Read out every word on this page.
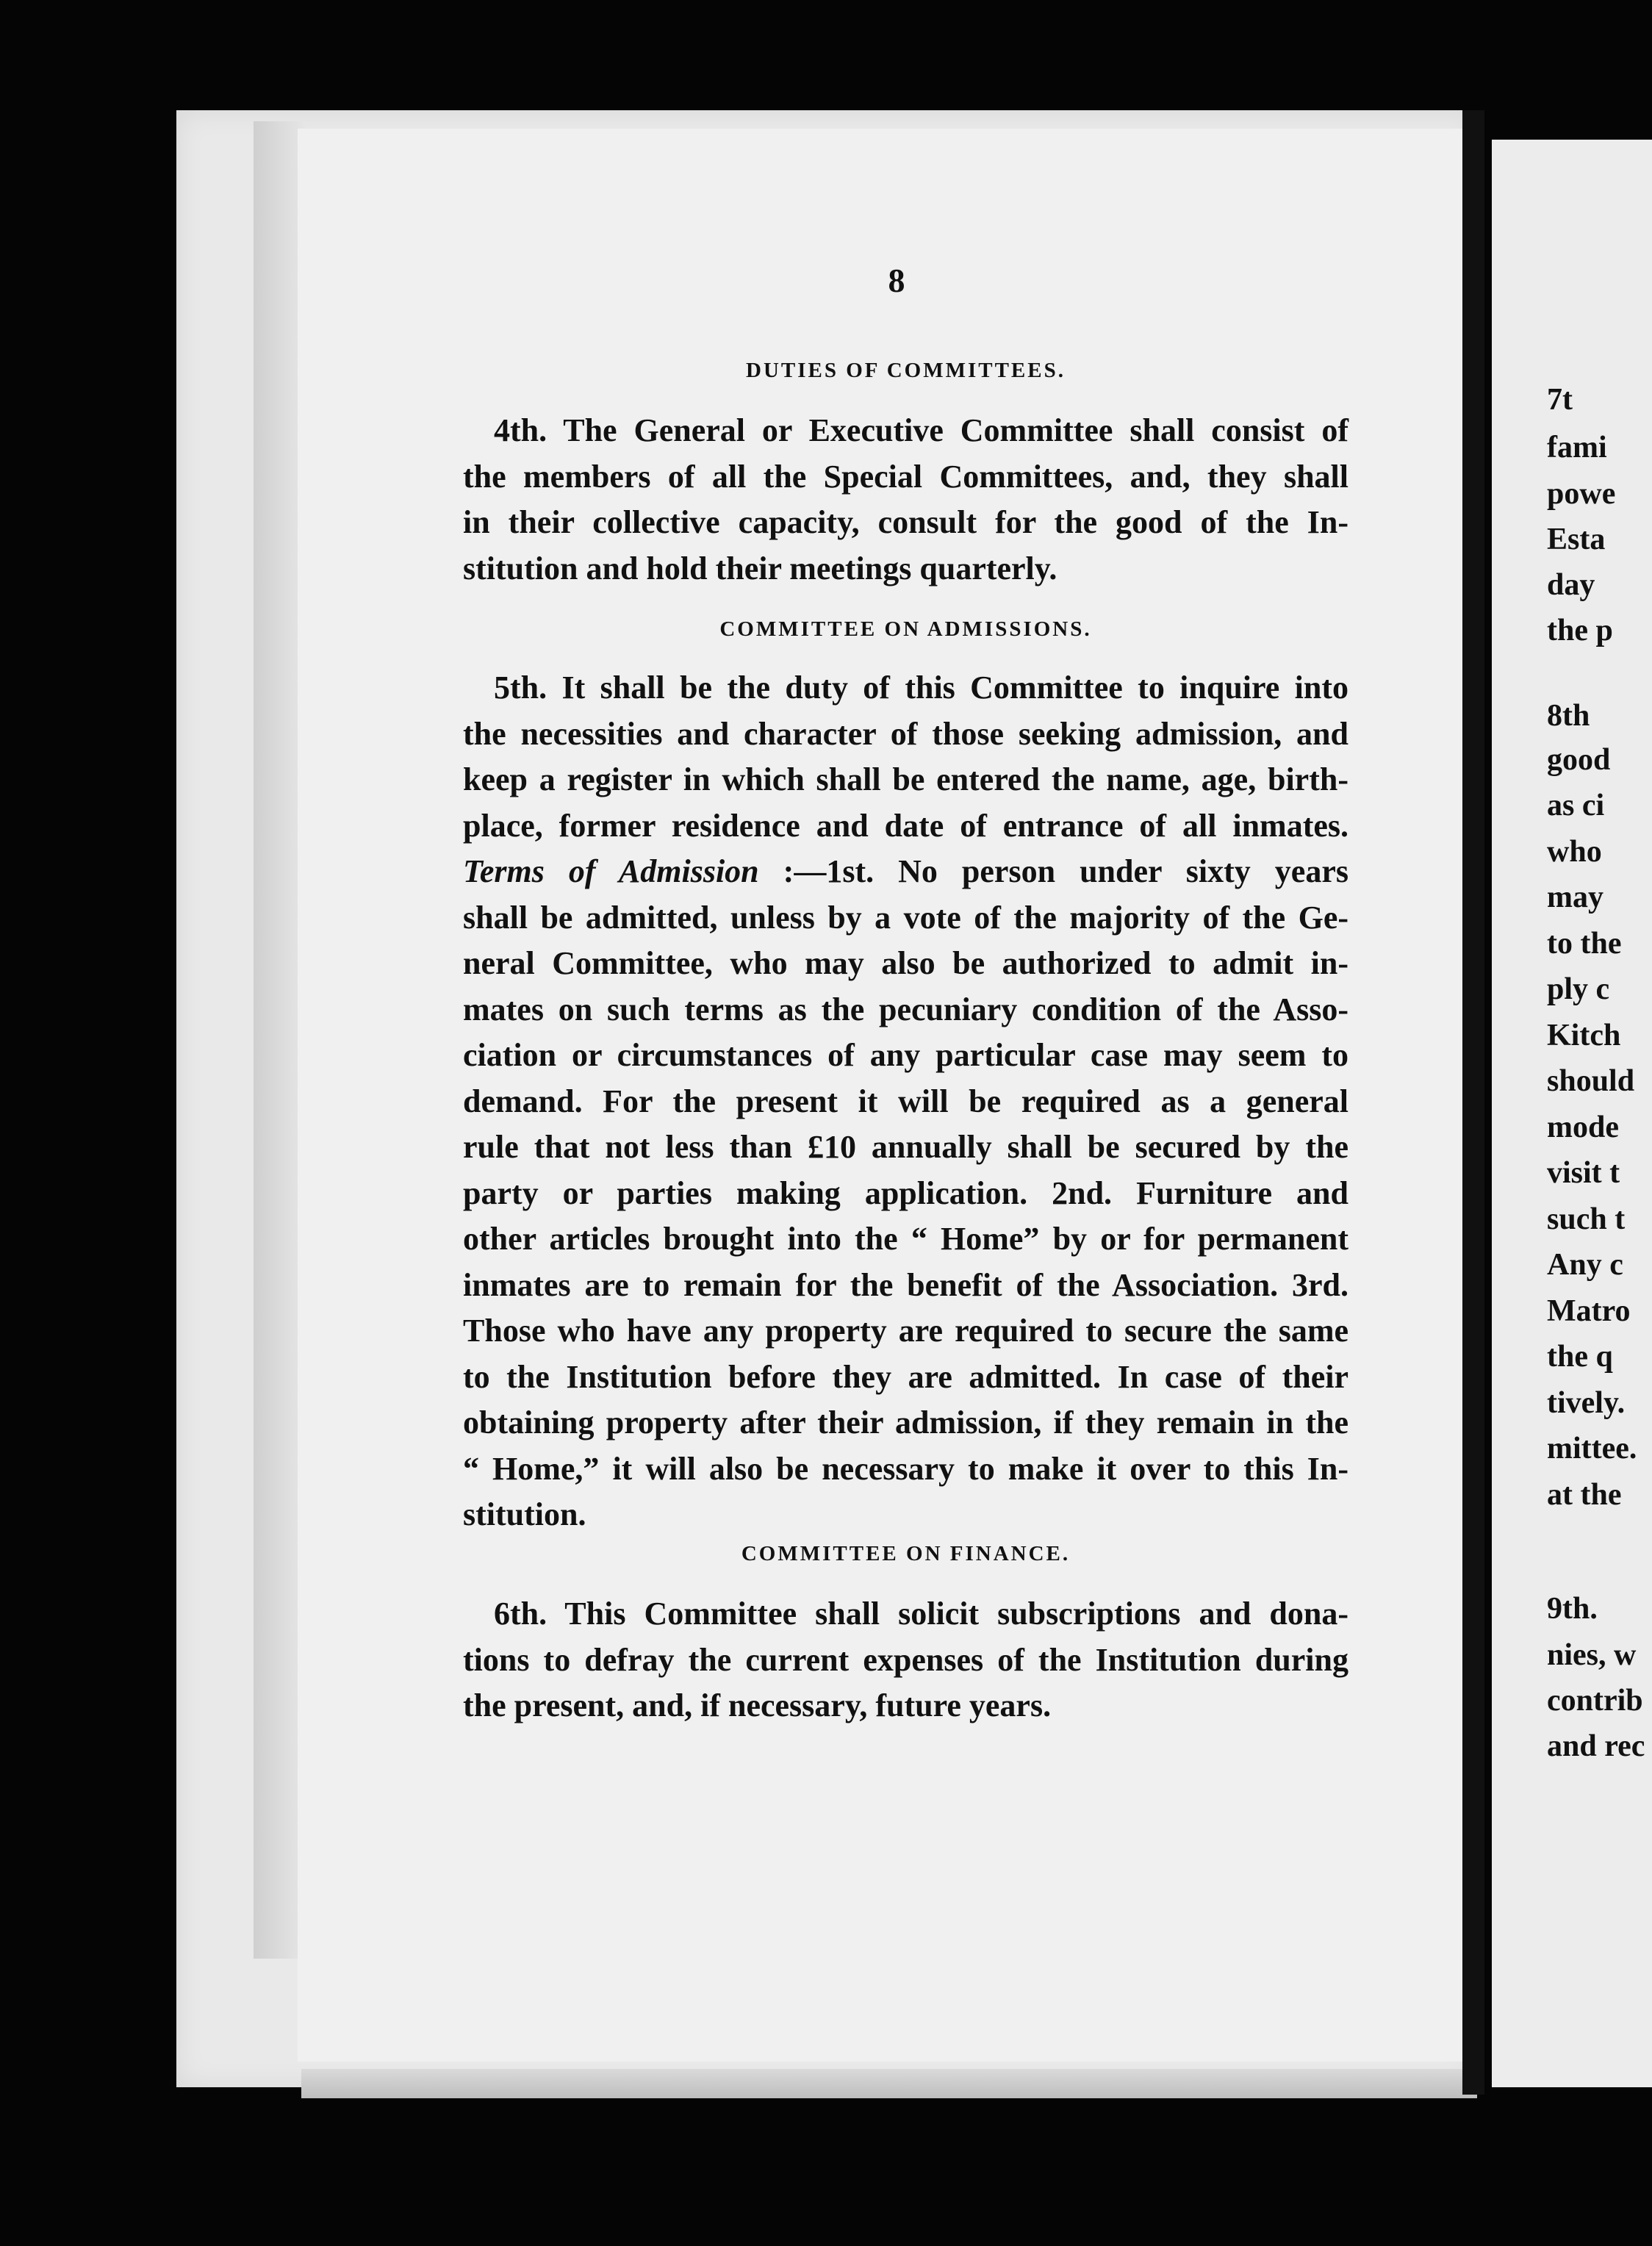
8
DUTIES OF COMMITTEES.
4th. The General or Executive Committee shall consist of
the members of all the Special Committees, and, they shall
in their collective capacity, consult for the good of the In-
stitution and hold their meetings quarterly.
COMMITTEE ON ADMISSIONS.
5th. It shall be the duty of this Committee to inquire into
the necessities and character of those seeking admission, and
keep a register in which shall be entered the name, age, birth-
place, former residence and date of entrance of all inmates.
Terms of Admission :—1st. No person under sixty years
shall be admitted, unless by a vote of the majority of the Ge-
neral Committee, who may also be authorized to admit in-
mates on such terms as the pecuniary condition of the Asso-
ciation or circumstances of any particular case may seem to
demand. For the present it will be required as a general
rule that not less than £10 annually shall be secured by the
party or parties making application. 2nd. Furniture and
other articles brought into the “ Home” by or for permanent
inmates are to remain for the benefit of the Association. 3rd.
Those who have any property are required to secure the same
to the Institution before they are admitted. In case of their
obtaining property after their admission, if they remain in the
“ Home,” it will also be necessary to make it over to this In-
stitution.
COMMITTEE ON FINANCE.
6th. This Committee shall solicit subscriptions and dona-
tions to defray the current expenses of the Institution during
the present, and, if necessary, future years.
7t
fami
powe
Esta
day
the p
8th
good
as ci
who
may
to the
ply c
Kitch
should
mode
visit t
such t
Any c
Matro
the q
tively.
mittee.
at the
9th.
nies, w
contrib
and rec
